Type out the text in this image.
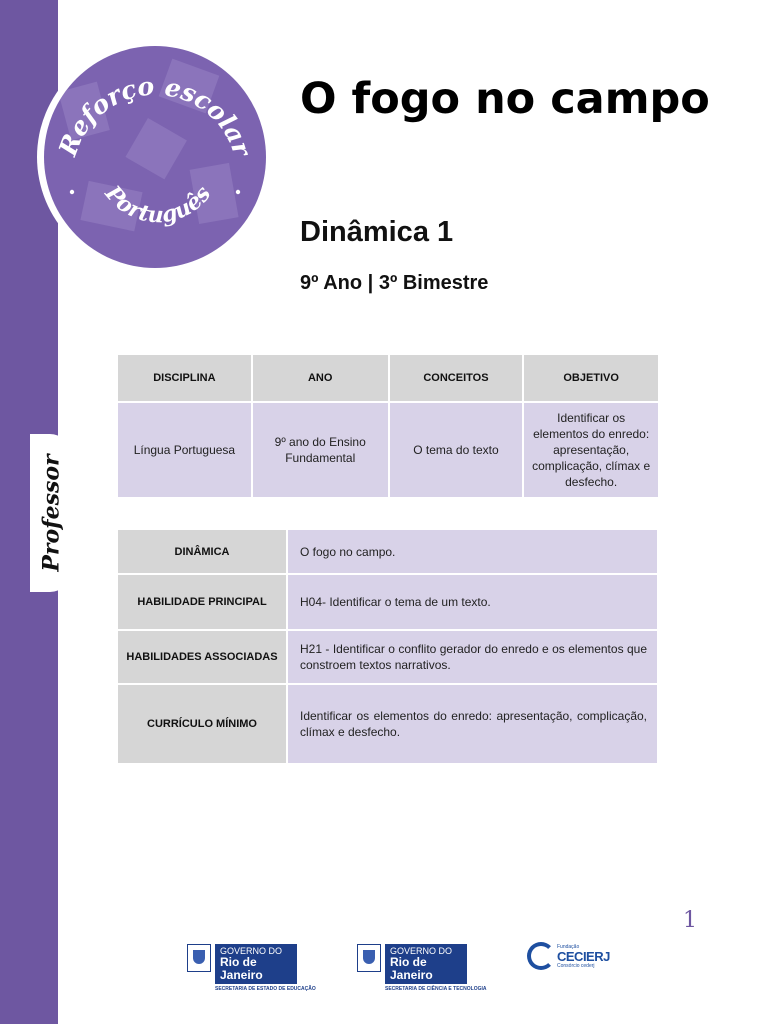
Professor
Reforço escolar
Português
O fogo no campo
Dinâmica 1

9º Ano | 3º Bimestre

DISCIPLINA	ANO	CONCEITOS	OBJETIVO
Língua Portuguesa	9º ano do Ensino Fundamental	O tema do texto	Identificar os elementos do enredo: apresentação, complicação, clímax e desfecho.
DINÂMICA	O fogo no campo.
HABILIDADE PRINCIPAL	H04- Identificar o tema de um texto.
HABILIDADES ASSOCIADAS	H21 - Identificar o conflito gerador do enredo e os elementos que constroem textos narrativos.
CURRÍCULO MÍNIMO	Identificar os elementos do enredo: apresentação, complicação, clímax e desfecho.
1
GOVERNO DO
Rio de Janeiro
SECRETARIA DE ESTADO DE EDUCAÇÃO
GOVERNO DO
Rio de Janeiro
SECRETARIA DE CIÊNCIA E TECNOLOGIA
Fundação
CECIERJ
Consórcio cederj
